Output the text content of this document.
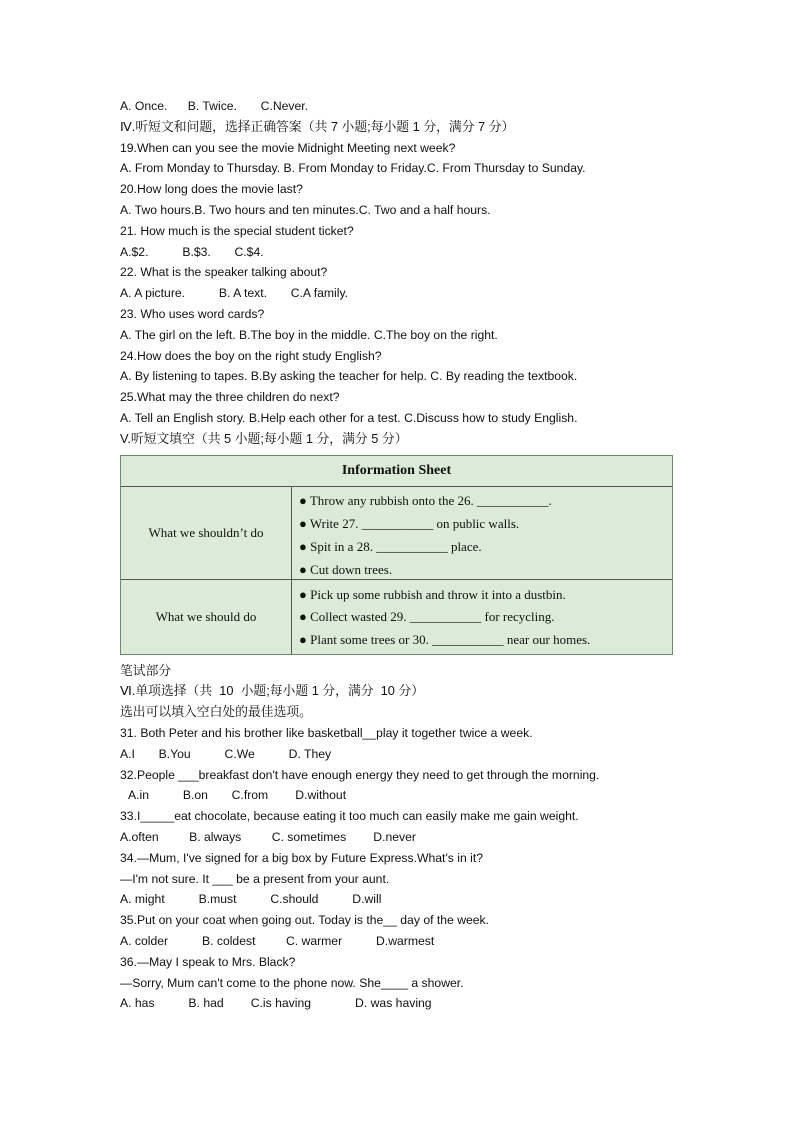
A. Once.      B. Twice.       C.Never.
Ⅳ.听短文和问题，选择正确答案（共 7 小题;每小题 1 分，满分 7 分）
19.When can you see the movie Midnight Meeting next week?
A. From Monday to Thursday. B. From Monday to Friday.C. From Thursday to Sunday.
20.How long does the movie last?
A. Two hours.B. Two hours and ten minutes.C. Two and a half hours.
21. How much is the special student ticket?
A.$2.          B.$3.       C.$4.
22. What is the speaker talking about?
A. A picture.          B. A text.       C.A family.
23. Who uses word cards?
A. The girl on the left. B.The boy in the middle. C.The boy on the right.
24.How does the boy on the right study English?
A. By listening to tapes. B.By asking the teacher for help. C. By reading the textbook.
25.What may the three children do next?
A. Tell an English story. B.Help each other for a test. C.Discuss how to study English.
V.听短文填空（共 5 小题;每小题 1 分，满分 5 分）
Information Sheet
What we shouldn’t do
What we should do
● Throw any rubbish onto the 26. ___________.
● Write 27. ___________ on public walls.
● Spit in a 28. ___________ place.
● Cut down trees.
● Pick up some rubbish and throw it into a dustbin.
● Collect wasted 29. ___________ for recycling.
● Plant some trees or 30. ___________ near our homes.
笔试部分
Ⅵ.单项选择（共  10  小题;每小题 1 分，满分  10 分）
选出可以填入空白处的最佳选项。
31. Both Peter and his brother like basketball__play it together twice a week.
A.I       B.You          C.We          D. They
32.People ___breakfast don't have enough energy they need to get through the morning.
A.in          B.on       C.from        D.without
33.I_____eat chocolate, because eating it too much can easily make me gain weight.
A.often         B. always         C. sometimes        D.never
34.—Mum, I've signed for a big box by Future Express.What's in it?
—I'm not sure. It ___ be a present from your aunt.
A. might          B.must          C.should          D.will
35.Put on your coat when going out. Today is the__ day of the week.
A. colder          B. coldest         C. warmer          D.warmest
36.—May I speak to Mrs. Black?
—Sorry, Mum can't come to the phone now. She____ a shower.
A. has          B. had        C.is having             D. was having
